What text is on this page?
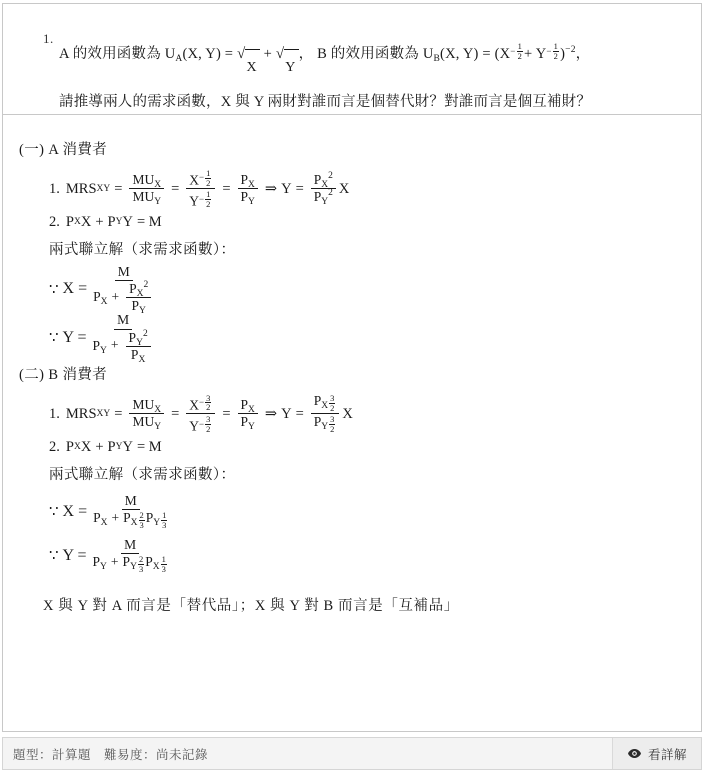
1.
A 的效用函數為 $U_A(X$, Y) = √
X
+ √
Y
， B 的效用函數為 $U_B(X$, $Y) = (X - \frac{1}{2} + Y - \frac{1}{2} )^{-2}$，
請推導兩人的需求函數，X 與 Y 兩財對誰而言是個替代財？對誰而言是個互補財？
(一) A 消費者
1. MRS XY = $\frac{MU_X}{MU_Y} = \frac{X - \frac{1}{2}}{Y - \frac{1}{2}} = \frac{P_X}{P_Y}$ ⇒ $Y = \frac{P_X^2}{P_Y^2}$ X
2. P X X + P Y Y = M
兩式聯立解（求需求函數）：
∵ $X = \frac{M}{P_X + \frac{P_X^2}{P_Y}}$
∵ $Y = \frac{M}{P_Y + \frac{P_Y^2}{P_X}}$
(二) B 消費者
1. MRS XY = $\frac{MU_X}{MU_Y} = \frac{X - \frac{3}{2}}{Y - \frac{3}{2}} = \frac{P_X}{P_Y}$ ⇒ $Y = \frac{P_X \frac{3}{2}}{P_Y \frac{3}{2}}$ X
2. P X X + P Y Y = M
兩式聯立解（求需求函數）：
∵ $X = \frac{M}{P_X + P_X \frac{2}{3} P_Y \frac{1}{3}}$
∵ $Y = \frac{M}{P_Y + P_Y \frac{2}{3} P_X \frac{1}{3}}$
X 與 Y 對 A 而言是「替代品」；X 與 Y 對 B 而言是「互補品」
題型：計算題　難易度：尚未記錄	看詳解
